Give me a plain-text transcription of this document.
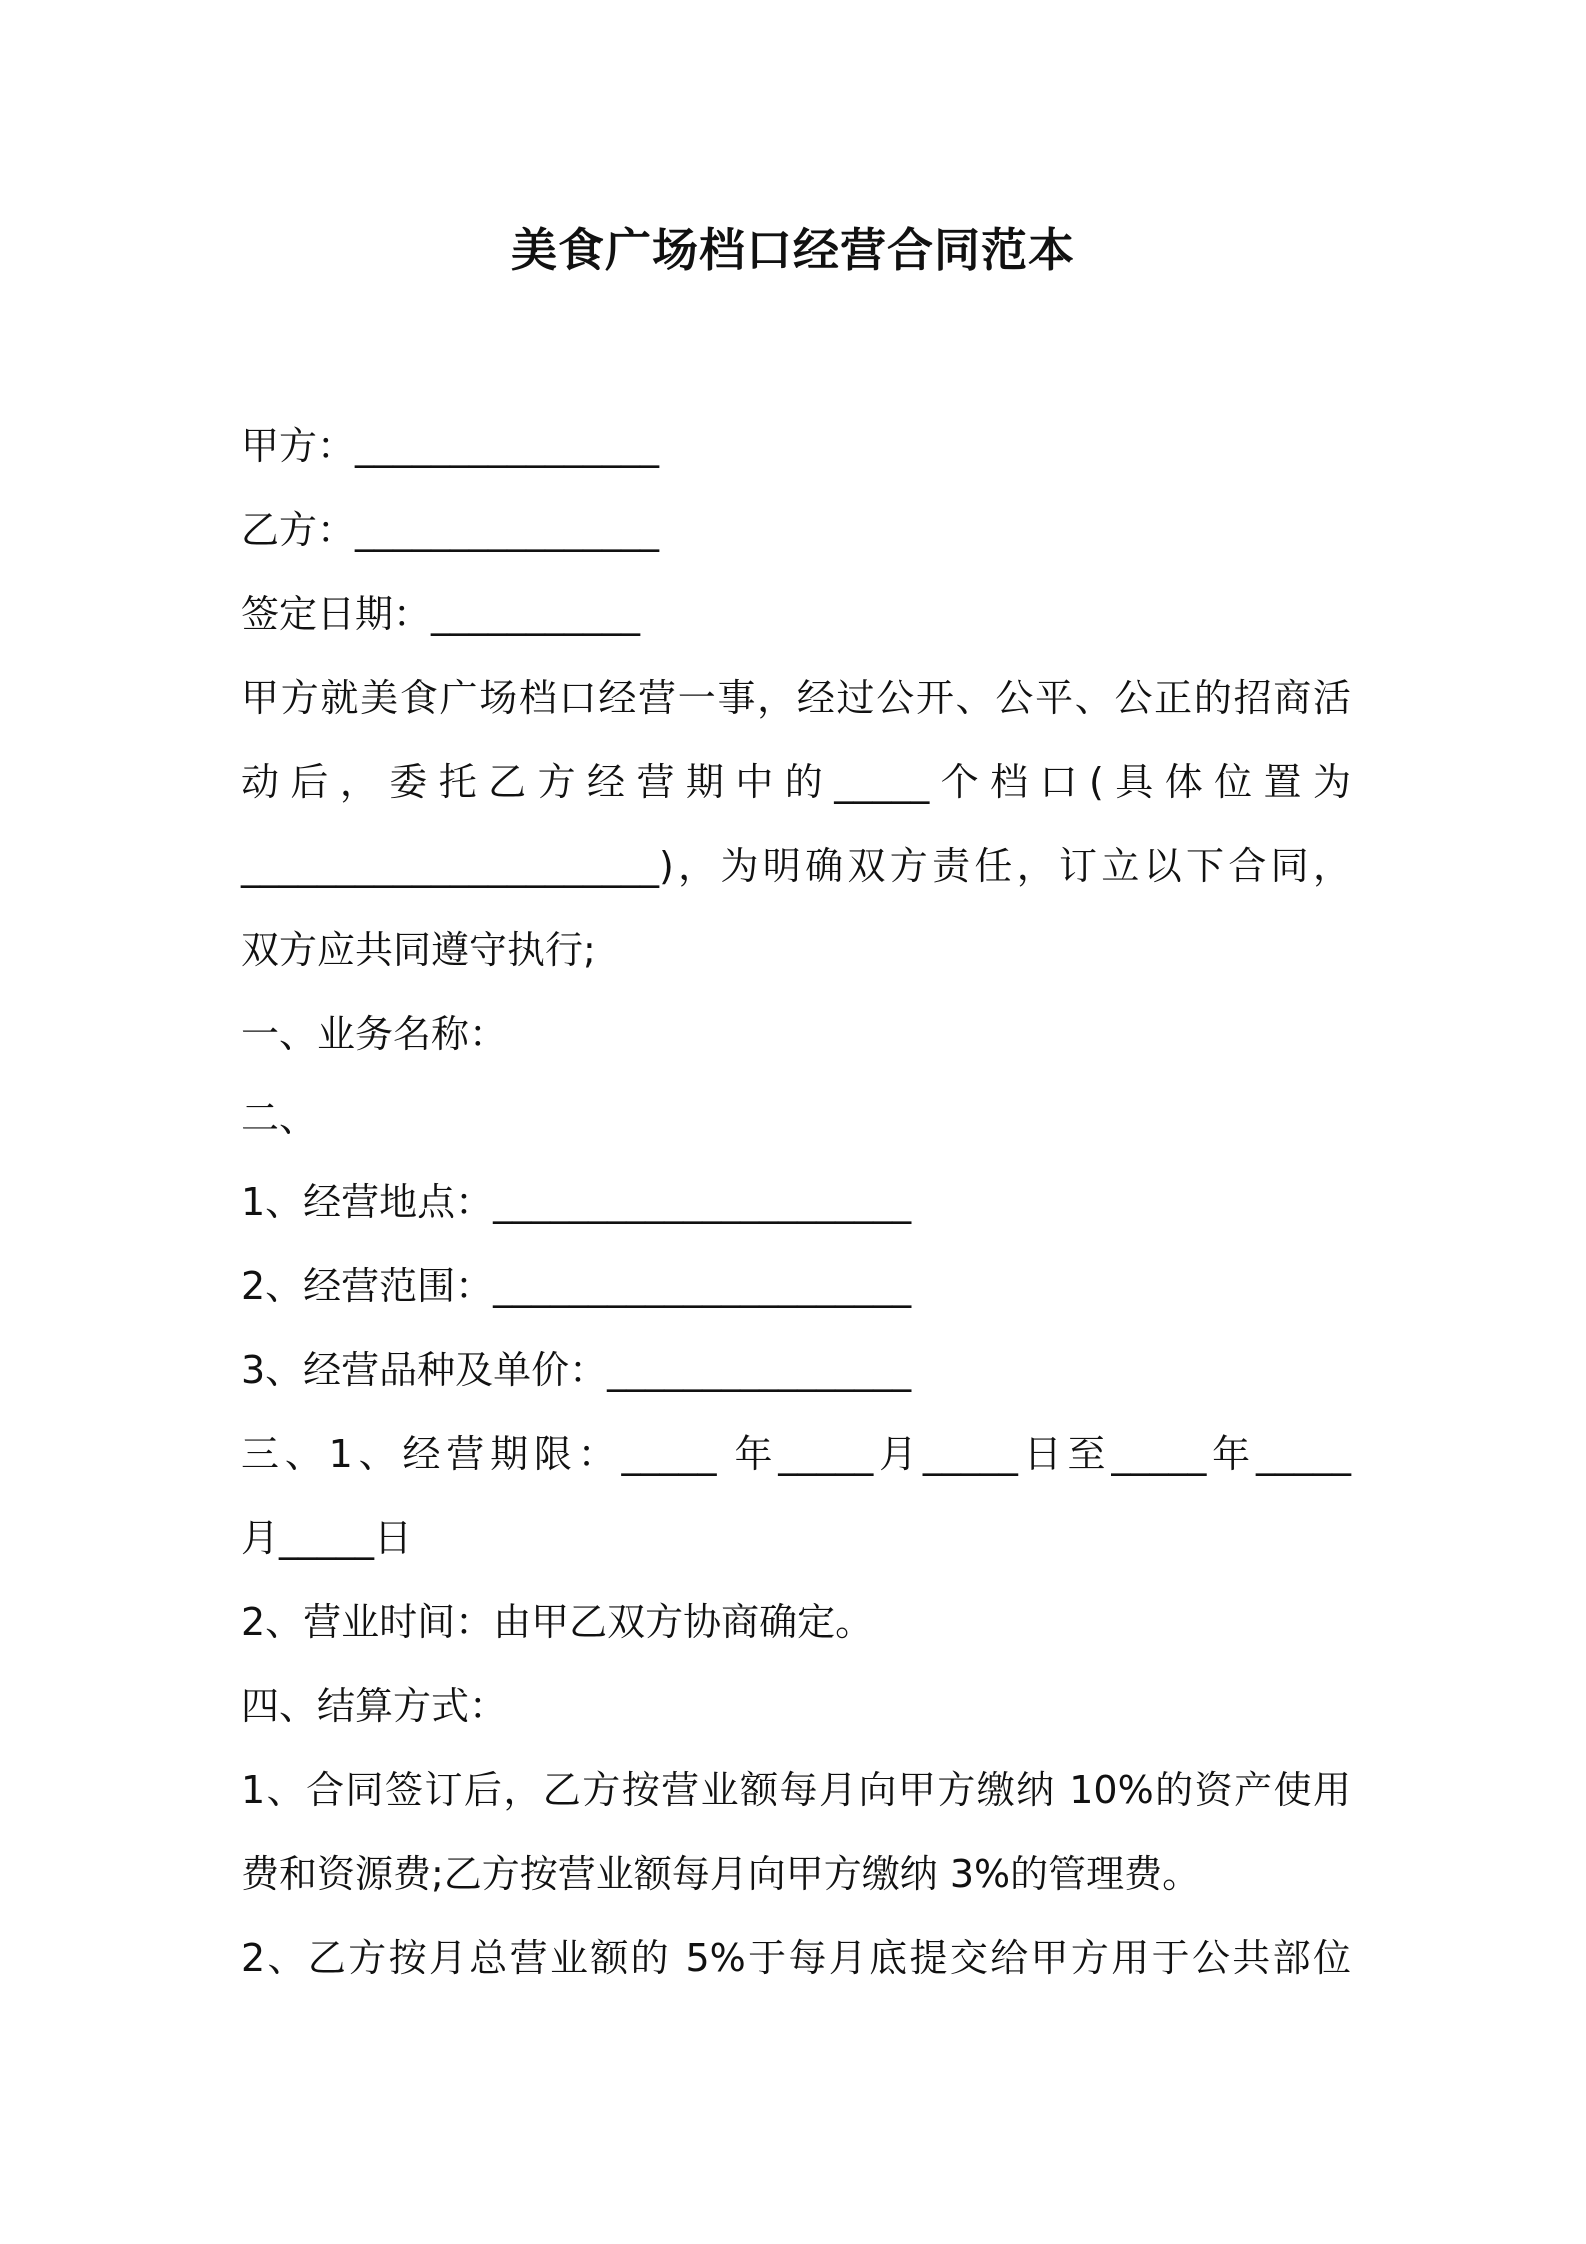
美食广场档口经营合同范本
甲方：________________
乙方：________________
签定日期：___________
甲方就美食广场档口经营一事，经过公开、公平、公正的招商活
动后，委托乙方经营期中的_____个档口(具体位置为
______________________)，为明确双方责任，订立以下合同，
双方应共同遵守执行;
一、业务名称：
二、
1、经营地点：______________________
2、经营范围：______________________
3、经营品种及单价：________________
三、1、经营期限：_____ 年_____月_____日至_____年_____
月_____日
2、营业时间：由甲乙双方协商确定。
四、结算方式：
1、合同签订后，乙方按营业额每月向甲方缴纳 10%的资产使用
费和资源费;乙方按营业额每月向甲方缴纳 3%的管理费。
2、乙方按月总营业额的 5%于每月底提交给甲方用于公共部位
